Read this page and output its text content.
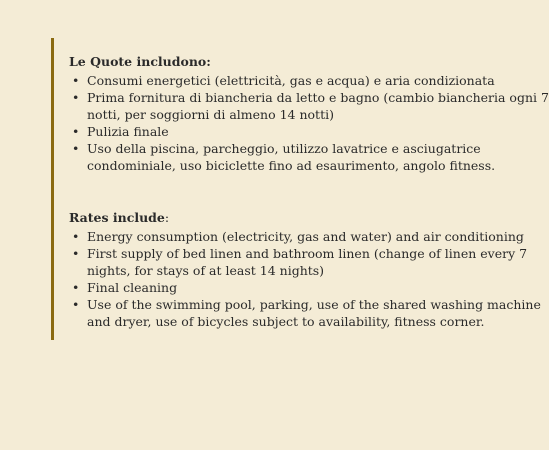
Le Quote includono:
• Consumi energetici (elettricità, gas e acqua) e aria condizionata
• Prima fornitura di biancheria da letto e bagno (cambio biancheria ogni 7
notti, per soggiorni di almeno 14 notti)
• Pulizia finale
• Uso della piscina, parcheggio, utilizzo lavatrice e asciugatrice
condominiale, uso biciclette fino ad esaurimento, angolo fitness.
Rates include:
• Energy consumption (electricity, gas and water) and air conditioning
• First supply of bed linen and bathroom linen (change of linen every 7
nights, for stays of at least 14 nights)
• Final cleaning
• Use of the swimming pool, parking, use of the shared washing machine
and dryer, use of bicycles subject to availability, fitness corner.
